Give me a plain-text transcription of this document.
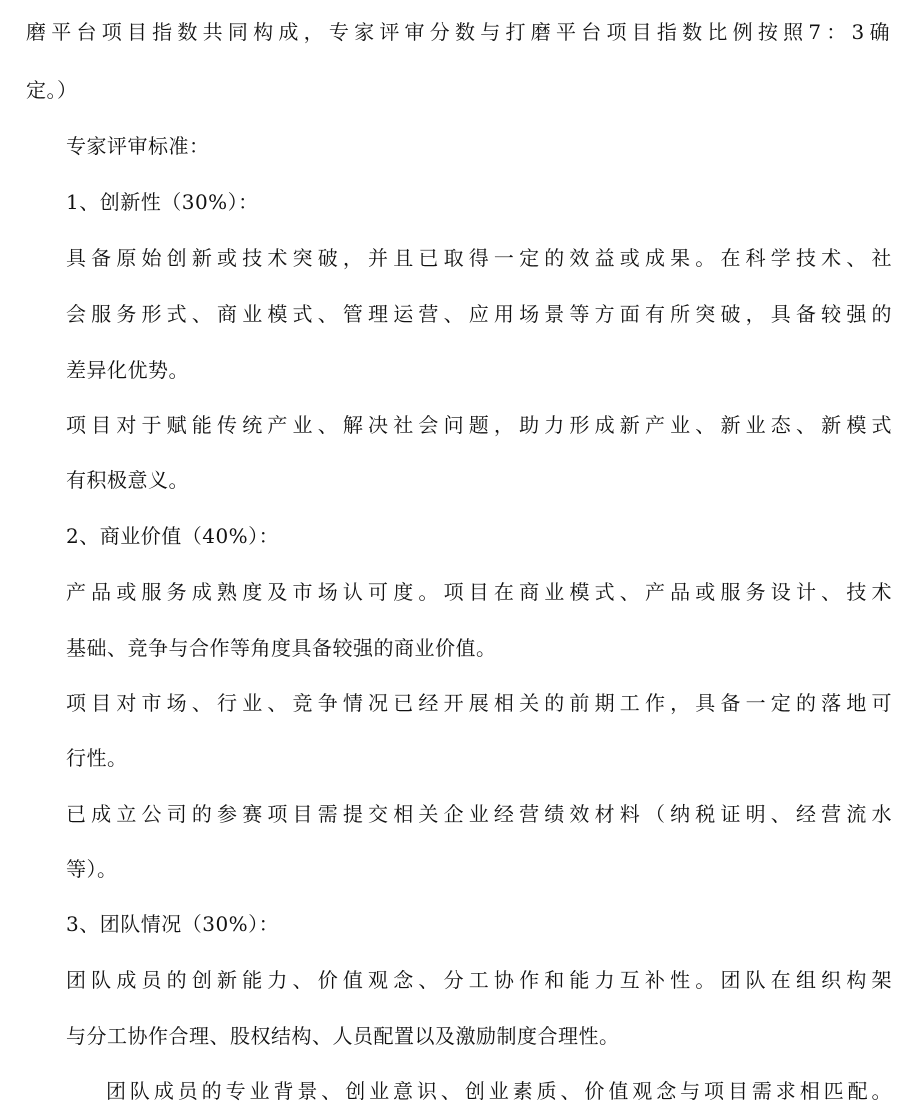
磨平台项目指数共同构成，专家评审分数与打磨平台项目指数比例按照7：3确

定。）

专家评审标准：

1、创新性（30%）：

具备原始创新或技术突破，并且已取得一定的效益或成果。在科学技术、社

会服务形式、商业模式、管理运营、应用场景等方面有所突破，具备较强的

差异化优势。

项目对于赋能传统产业、解决社会问题，助力形成新产业、新业态、新模式

有积极意义。

2、商业价值（40%）：

产品或服务成熟度及市场认可度。项目在商业模式、产品或服务设计、技术

基础、竞争与合作等角度具备较强的商业价值。

项目对市场、行业、竞争情况已经开展相关的前期工作，具备一定的落地可

行性。

已成立公司的参赛项目需提交相关企业经营绩效材料（纳税证明、经营流水

等）。

3、团队情况（30%）：

团队成员的创新能力、价值观念、分工协作和能力互补性。团队在组织构架

与分工协作合理、股权结构、人员配置以及激励制度合理性。

团队成员的专业背景、创业意识、创业素质、价值观念与项目需求相匹配。
